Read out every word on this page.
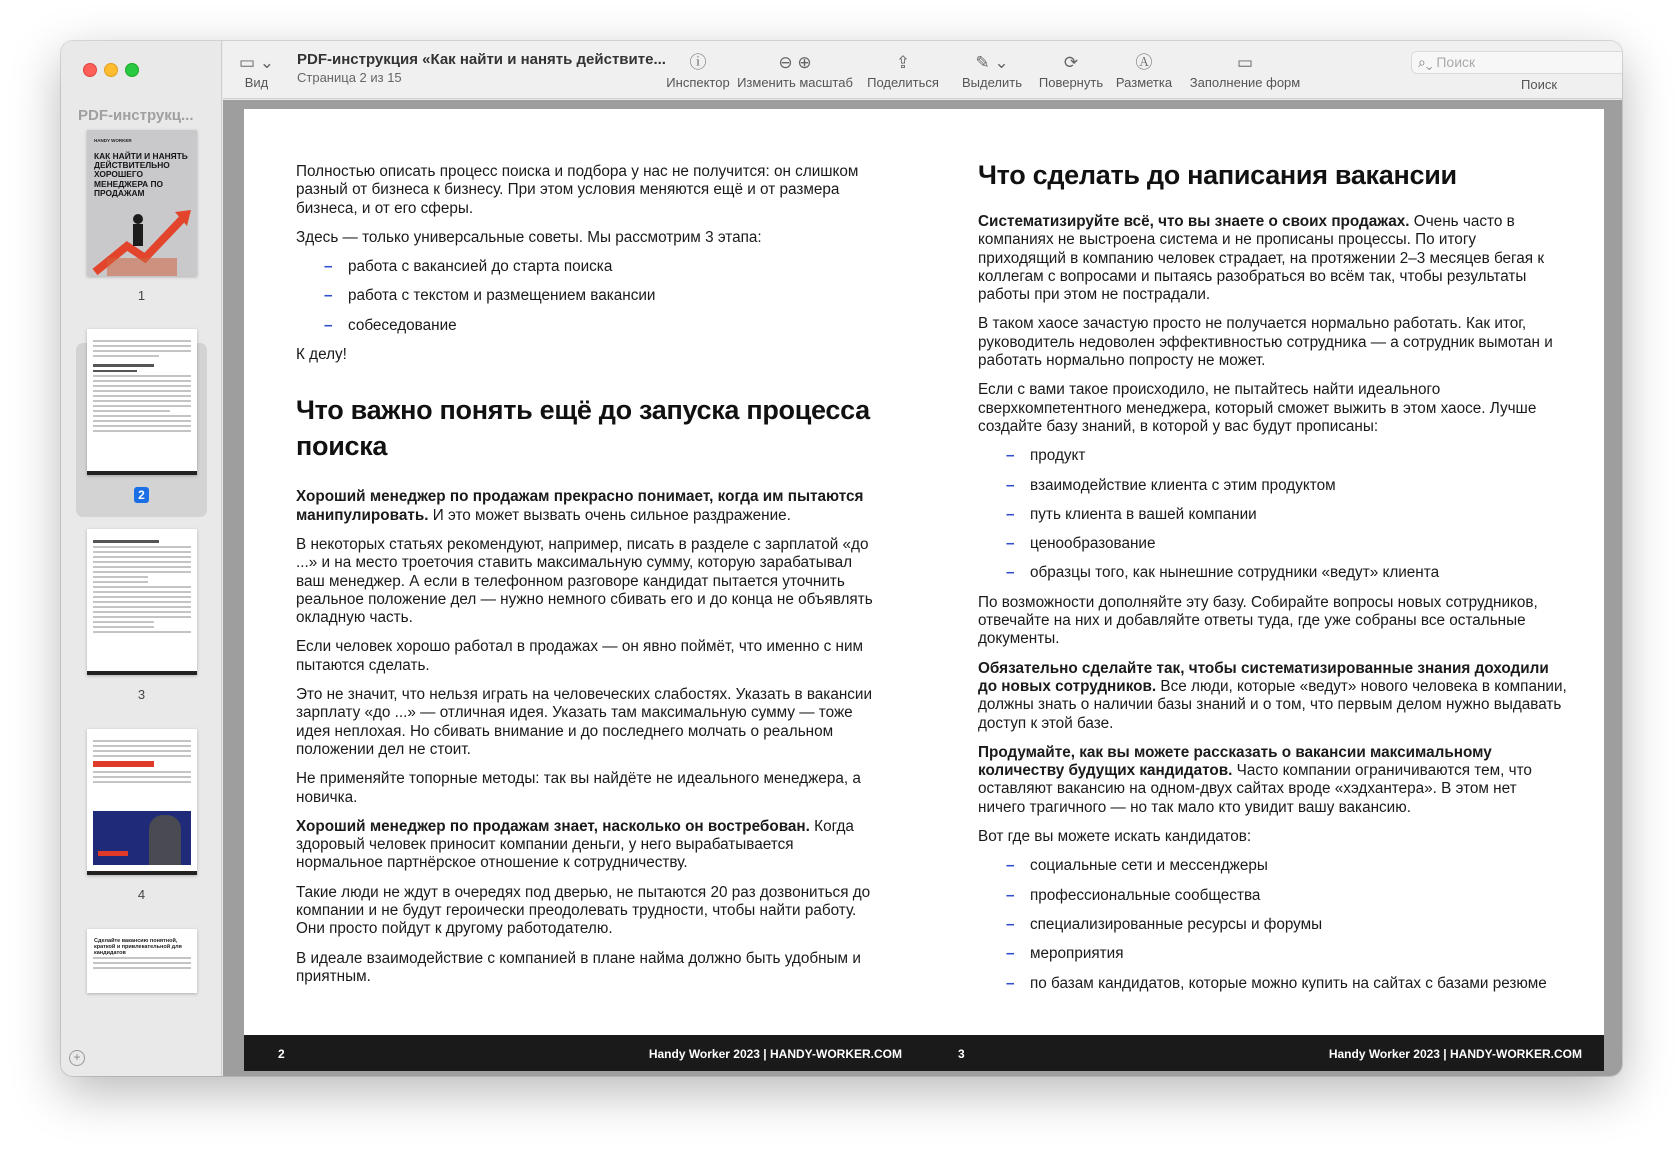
PDF-инструкц...
HANDY WORKER
КАК НАЙТИ И НАНЯТЬ ДЕЙСТВИТЕЛЬНО ХОРОШЕГО МЕНЕДЖЕРА ПО ПРОДАЖАМ
1
2
3
4
Сделайте вакансию понятной, краткой и привлекательной для кандидатов
+
▭ ⌄
Вид
PDF-инструкция «Как найти и нанять действите...
Страница 2 из 15
ⓘ
Инспектор
⊖ ⊕
Изменить масштаб
⇪
Поделиться
✎ ⌄
Выделить
⟳
Повернуть
Ⓐ
Разметка
▭
Заполнение форм
⌕⌄ Поиск
Поиск

Полностью описать процесс поиска и подбора у нас не получится: он слишком разный от бизнеса к бизнесу. При этом условия меняются ещё и от размера бизнеса, и от его сферы.

Здесь — только универсальные советы. Мы рассмотрим 3 этапа:

– работа с вакансией до старта поиска
– работа с текстом и размещением вакансии
– собеседование

К делу!

Что важно понять ещё до запуска процесса поиска

Хороший менеджер по продажам прекрасно понимает, когда им пытаются манипулировать. И это может вызвать очень сильное раздражение.

В некоторых статьях рекомендуют, например, писать в разделе с зарплатой «до ...» и на место троеточия ставить максимальную сумму, которую зарабатывал ваш менеджер. А если в телефонном разговоре кандидат пытается уточнить реальное положение дел — нужно немного сбивать его и до конца не объявлять окладную часть.

Если человек хорошо работал в продажах — он явно поймёт, что именно с ним пытаются сделать.

Это не значит, что нельзя играть на человеческих слабостях. Указать в вакансии зарплату «до ...» — отличная идея. Указать там максимальную сумму — тоже идея неплохая. Но сбивать внимание и до последнего молчать о реальном положении дел не стоит.

Не применяйте топорные методы: так вы найдёте не идеального менеджера, а новичка.

Хороший менеджер по продажам знает, насколько он востребован. Когда здоровый человек приносит компании деньги, у него вырабатывается нормальное партнёрское отношение к сотрудничеству.

Такие люди не ждут в очередях под дверью, не пытаются 20 раз дозвониться до компании и не будут героически преодолевать трудности, чтобы найти работу. Они просто пойдут к другому работодателю.

В идеале взаимодействие с компанией в плане найма должно быть удобным и приятным.

2	Handy Worker 2023 | HANDY-WORKER.COM
Что сделать до написания вакансии

Систематизируйте всё, что вы знаете о своих продажах. Очень часто в компаниях не выстроена система и не прописаны процессы. По итогу приходящий в компанию человек страдает, на протяжении 2–3 месяцев бегая к коллегам с вопросами и пытаясь разобраться во всём так, чтобы результаты работы при этом не пострадали.

В таком хаосе зачастую просто не получается нормально работать. Как итог, руководитель недоволен эффективностью сотрудника — а сотрудник вымотан и работать нормально попросту не может.

Если с вами такое происходило, не пытайтесь найти идеального сверхкомпетентного менеджера, который сможет выжить в этом хаосе. Лучше создайте базу знаний, в которой у вас будут прописаны:

– продукт
– взаимодействие клиента с этим продуктом
– путь клиента в вашей компании
– ценообразование
– образцы того, как нынешние сотрудники «ведут» клиента

По возможности дополняйте эту базу. Собирайте вопросы новых сотрудников, отвечайте на них и добавляйте ответы туда, где уже собраны все остальные документы.

Обязательно сделайте так, чтобы систематизированные знания доходили до новых сотрудников. Все люди, которые «ведут» нового человека в компании, должны знать о наличии базы знаний и о том, что первым делом нужно выдавать доступ к этой базе.

Продумайте, как вы можете рассказать о вакансии максимальному количеству будущих кандидатов. Часто компании ограничиваются тем, что оставляют вакансию на одном-двух сайтах вроде «хэдхантера». В этом нет ничего трагичного — но так мало кто увидит вашу вакансию.

Вот где вы можете искать кандидатов:

– социальные сети и мессенджеры
– профессиональные сообщества
– специализированные ресурсы и форумы
– мероприятия
– по базам кандидатов, которые можно купить на сайтах с базами резюме
3	Handy Worker 2023 | HANDY-WORKER.COM
